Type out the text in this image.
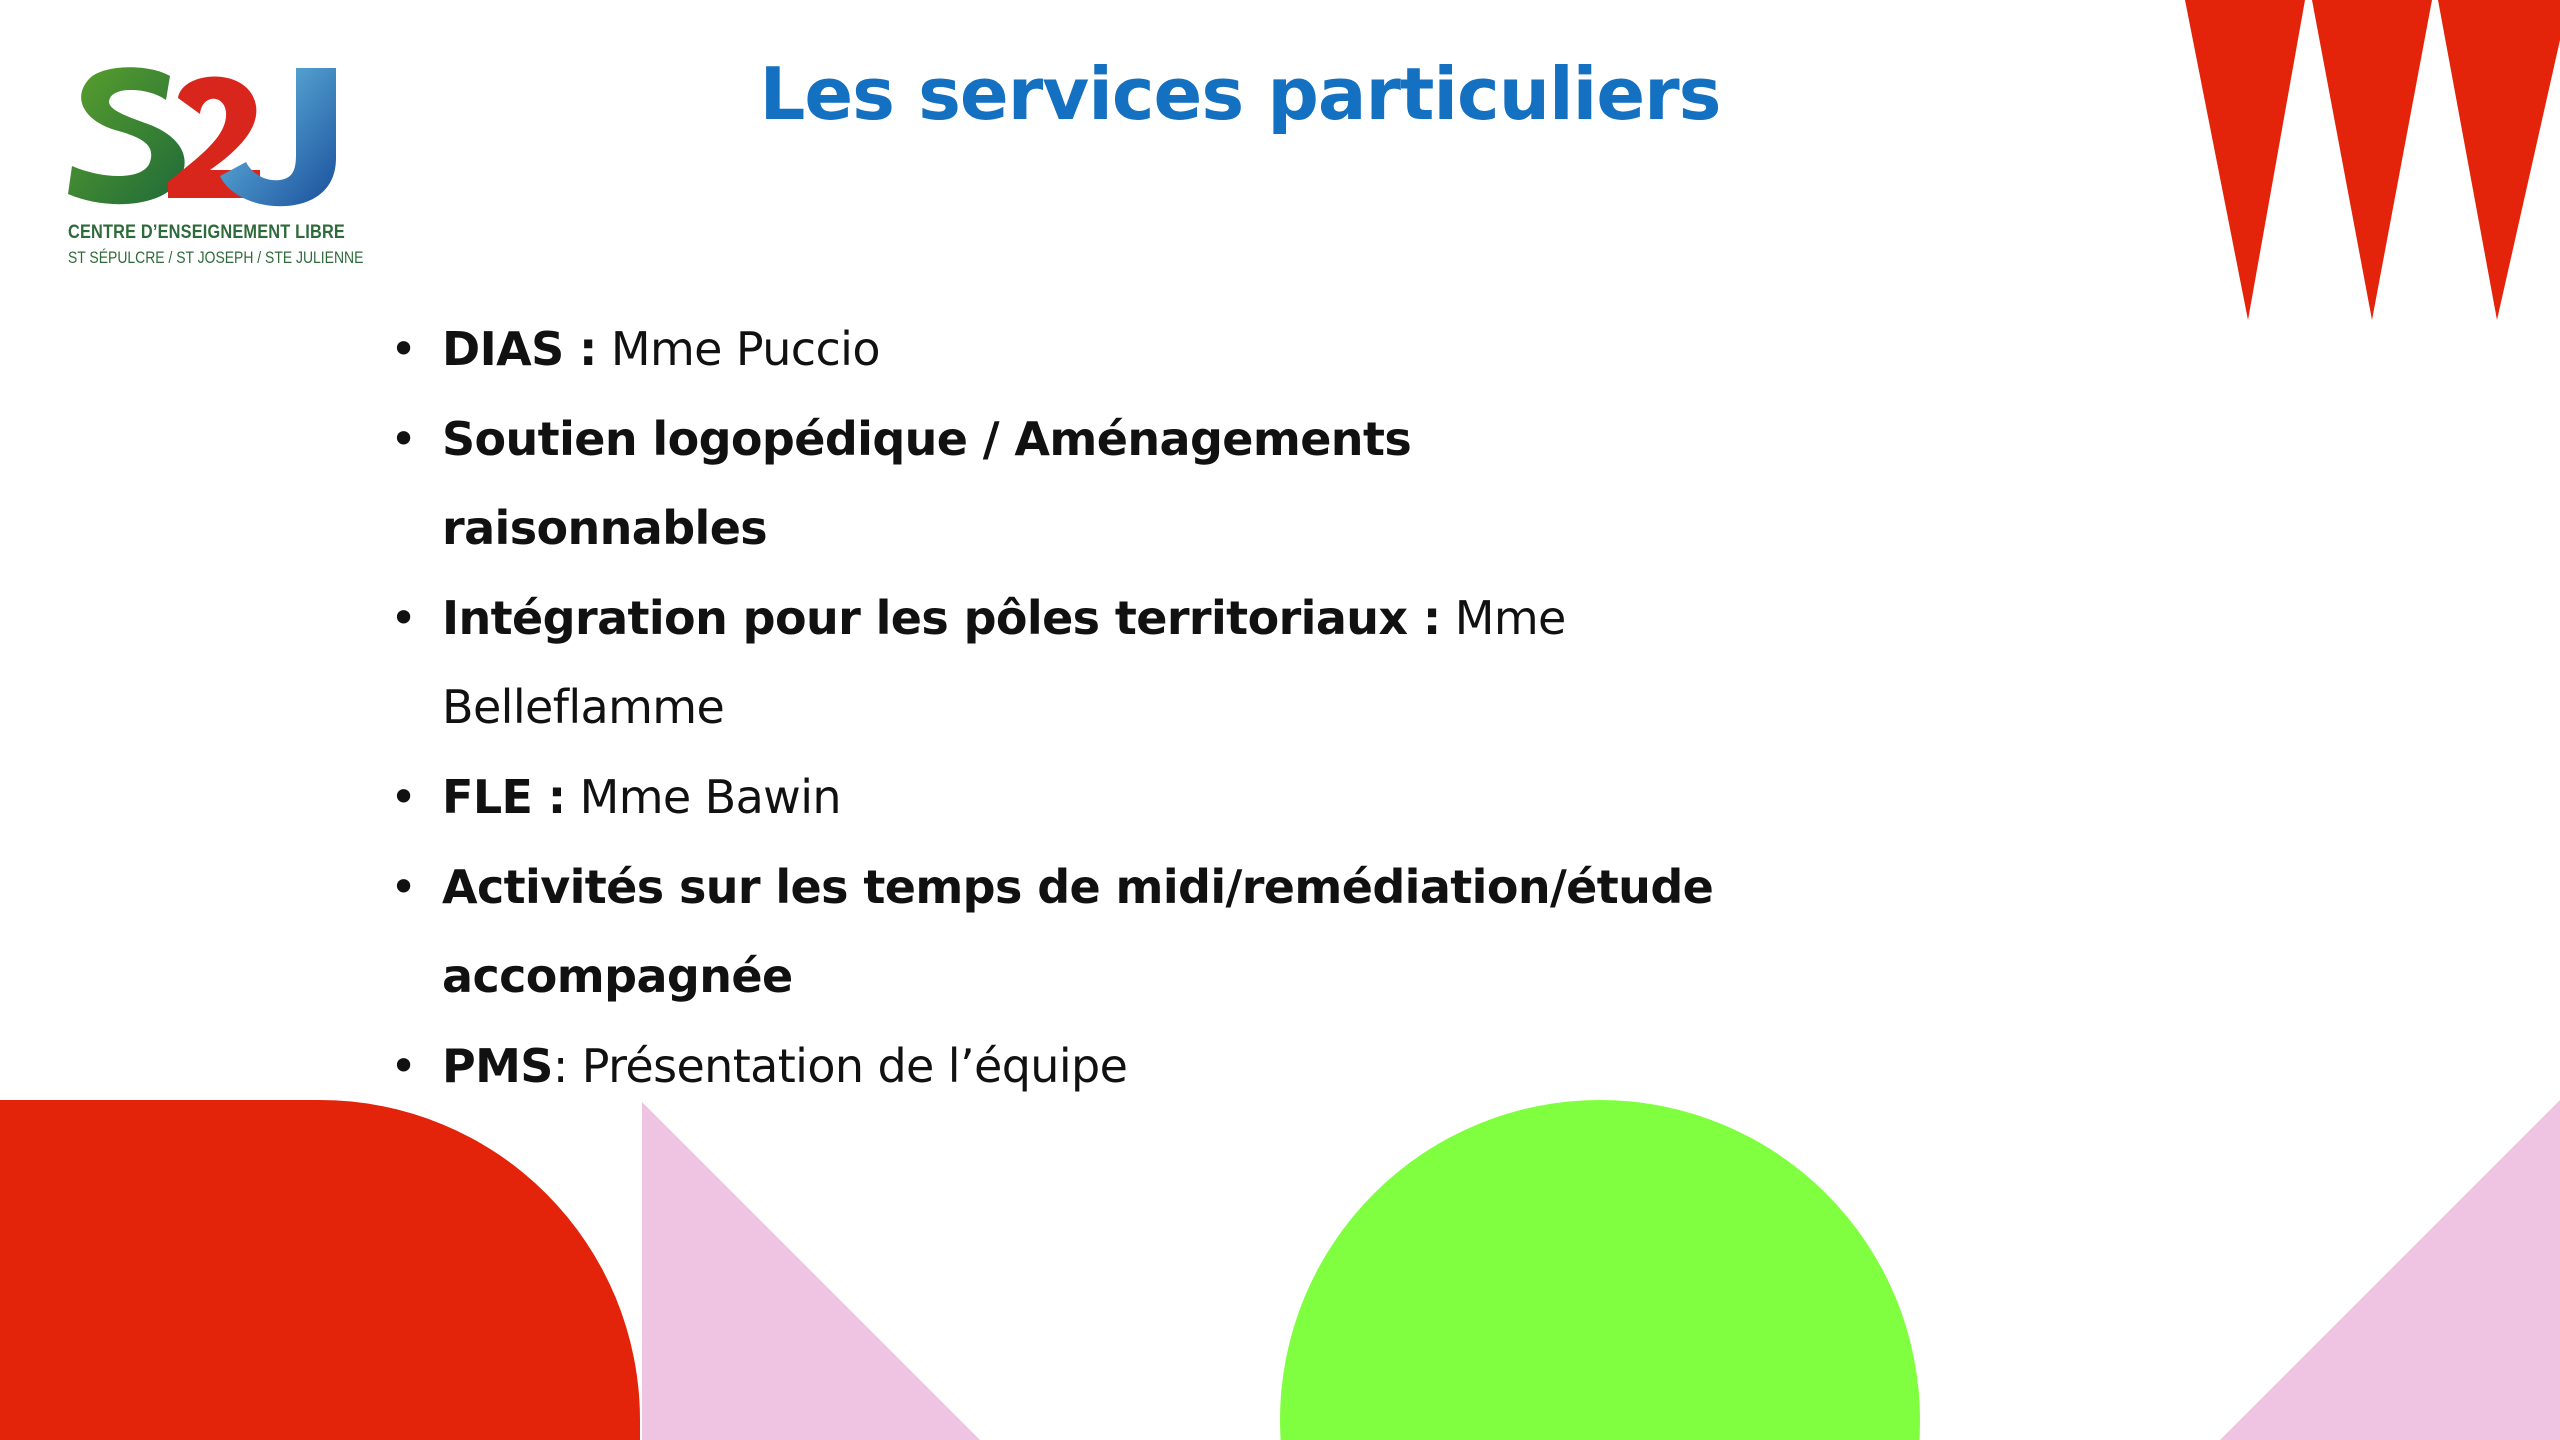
CENTRE D’ENSEIGNEMENT LIBRE
ST SÉPULCRE / ST JOSEPH / STE JULIENNE
Les services particuliers
• DIAS : Mme Puccio
• Soutien logopédique / Aménagements raisonnables
• Intégration pour les pôles territoriaux : Mme Belleflamme
• FLE : Mme Bawin
• Activités sur les temps de midi/remédiation/étude accompagnée
• PMS: Présentation de l’équipe
